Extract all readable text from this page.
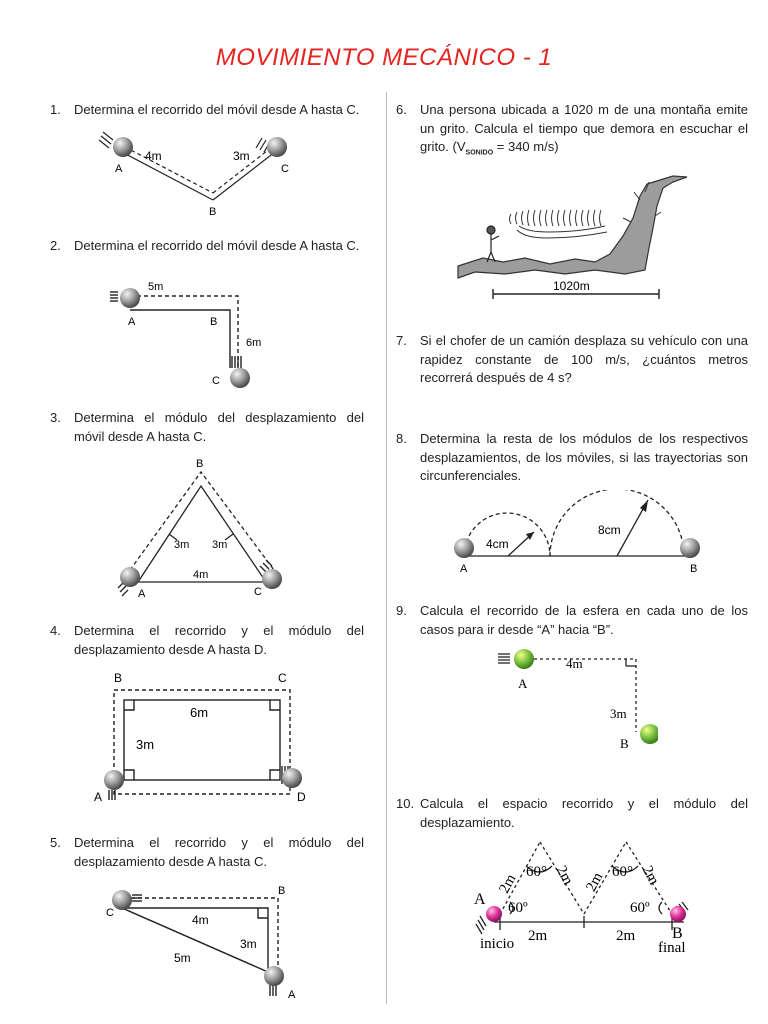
MOVIMIENTO MECÁNICO - 1
1. Determina el recorrido del móvil desde A hasta C.
2. Determina el recorrido del móvil desde A hasta C.
3. Determina el módulo del desplazamiento del móvil desde A hasta C.
4. Determina el recorrido y el módulo del desplazamiento desde A hasta D.
5. Determina el recorrido y el módulo del desplazamiento desde A hasta C.
6. Una persona ubicada a 1020 m de una montaña emite un grito. Calcula el tiempo que demora en escuchar el grito. ($V_{SONIDO} = 340$ m/s)
7. Si el chofer de un camión desplaza su vehículo con una rapidez constante de 100 m/s, ¿cuántos metros recorrerá después de 4 s?
8. Determina la resta de los módulos de los respectivos desplazamientos, de los móviles, si las trayectorias son circunferenciales.
9. Calcula el recorrido de la esfera en cada uno de los casos para ir desde “A” hacia “B”.
10. Calcula el espacio recorrido y el módulo del desplazamiento.
A
B
C
4m	3m
A	B
C
5m
6m
A
B
C
3m 3m
4m
A
B	C
D
6m
3m
C
B
A
4m
3m
5m
1020m
A	B
4cm
8cm
A
B
4m
3m
A
B
2m 2m 2m 2m
60°	60°
60º	60º
2m	2m
inicio	final
